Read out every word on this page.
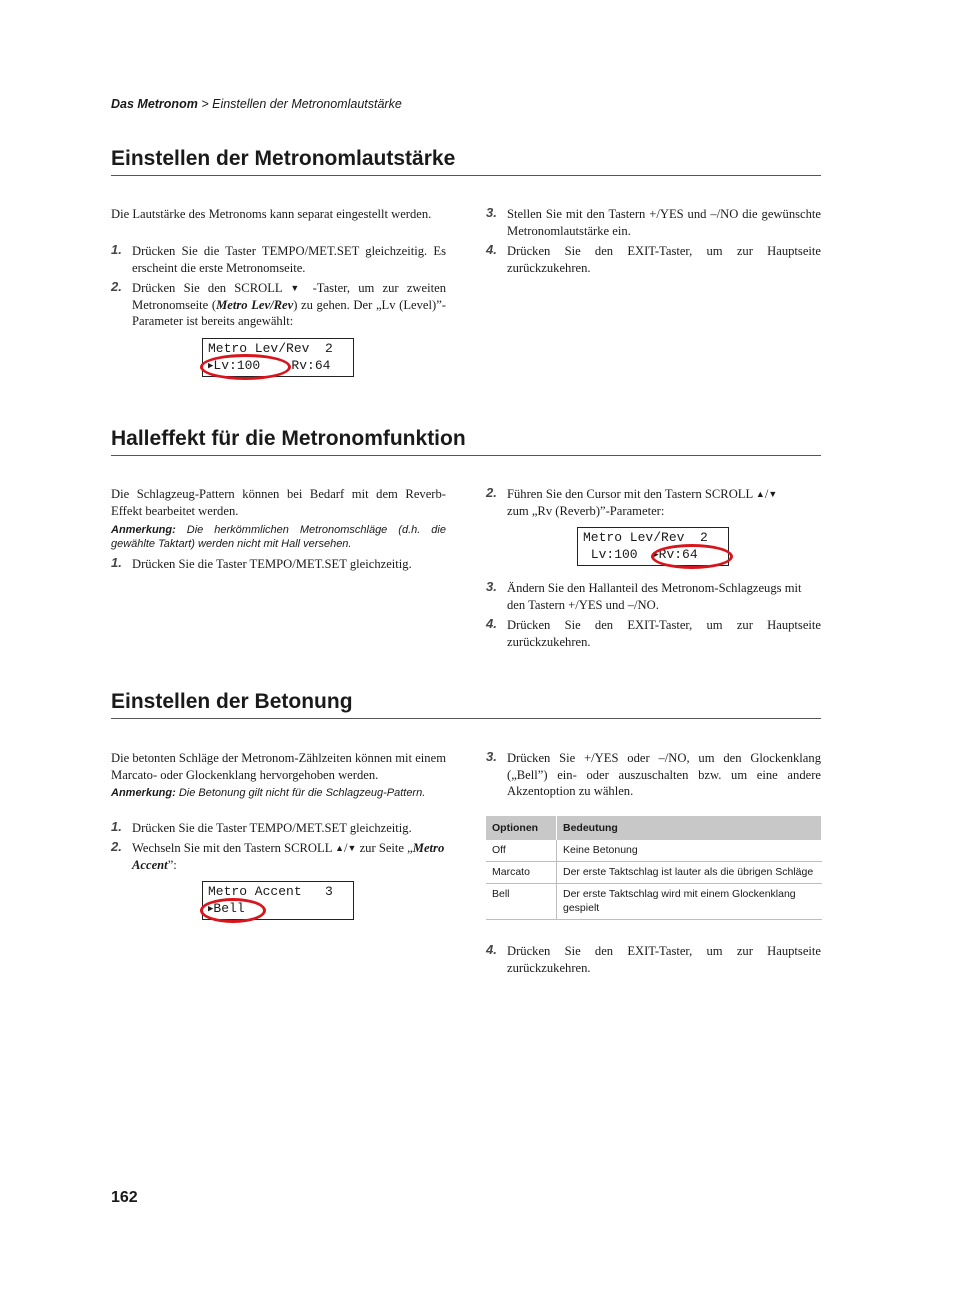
Das Metronom > Einstellen der Metronomlautstärke
Einstellen der Metronomlautstärke
Die Lautstärke des Metronoms kann separat eingestellt werden.
1. Drücken Sie die Taster TEMPO/MET.SET gleichzeitig. Es erscheint die erste Metronomseite.
2. Drücken Sie den SCROLL ▼ -Taster, um zur zweiten Metronomseite (Metro Lev/Rev) zu gehen. Der „Lv (Level)”-Parameter ist bereits angewählt:
Metro Lev/Rev  2
▶Lv:100    Rv:64
3. Stellen Sie mit den Tastern +/YES und –/NO die gewünschte Metronomlautstärke ein.
4. Drücken Sie den EXIT-Taster, um zur Hauptseite zurückzukehren.
Halleffekt für die Metronomfunktion
Die Schlagzeug-Pattern können bei Bedarf mit dem Reverb-Effekt bearbeitet werden.
Anmerkung: Die herkömmlichen Metronomschläge (d.h. die gewählte Taktart) werden nicht mit Hall versehen.
1. Drücken Sie die Taster TEMPO/MET.SET gleichzeitig.
2. Führen Sie den Cursor mit den Tastern SCROLL ▲/▼
zum „Rv (Reverb)”-Parameter:
Metro Lev/Rev  2
Lv:100  ▶Rv:64
3. Ändern Sie den Hallanteil des Metronom-Schlagzeugs mit den Tastern +/YES und –/NO.
4. Drücken Sie den EXIT-Taster, um zur Hauptseite zurückzukehren.
Einstellen der Betonung
Die betonten Schläge der Metronom-Zählzeiten können mit einem Marcato- oder Glockenklang hervorgehoben werden.
Anmerkung: Die Betonung gilt nicht für die Schlagzeug-Pattern.
1. Drücken Sie die Taster TEMPO/MET.SET gleichzeitig.
2. Wechseln Sie mit den Tastern SCROLL ▲/▼ zur Seite „Metro Accent”:
Metro Accent   3
▶Bell
3. Drücken Sie +/YES oder –/NO, um den Glockenklang („Bell”) ein- oder auszuschalten bzw. um eine andere Akzentoption zu wählen.
Optionen	Bedeutung
Off	Keine Betonung
Marcato	Der erste Taktschlag ist lauter als die übrigen Schläge
Bell	Der erste Taktschlag wird mit einem Glockenklang gespielt
4. Drücken Sie den EXIT-Taster, um zur Hauptseite zurückzukehren.
162
